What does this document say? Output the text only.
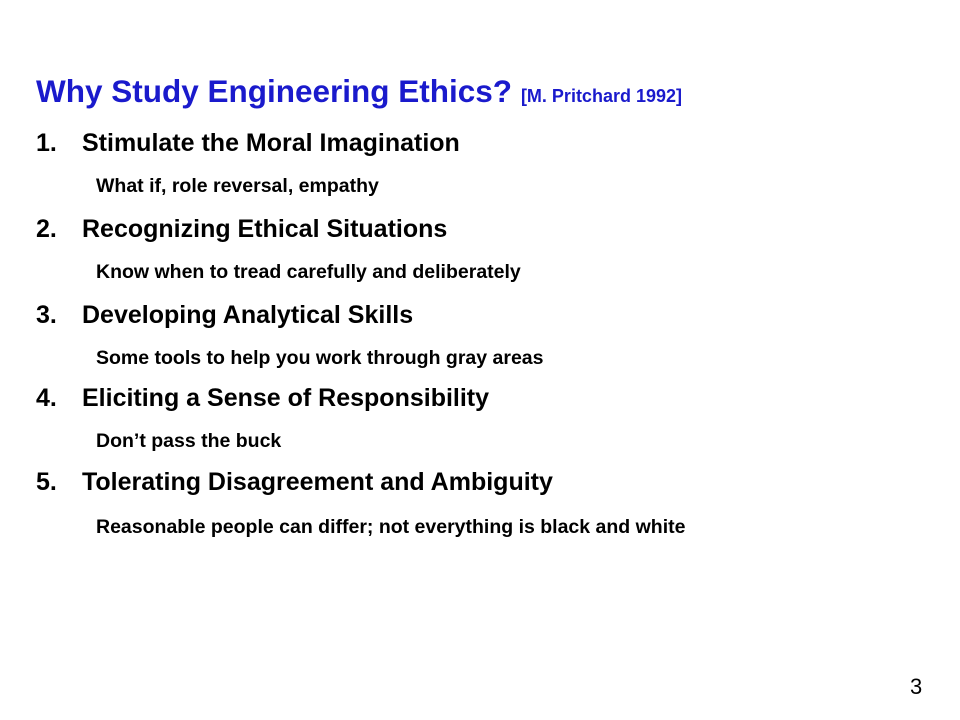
Why Study Engineering Ethics? [M. Pritchard 1992]

1. Stimulate the Moral Imagination

What if, role reversal, empathy

2. Recognizing Ethical Situations

Know when to tread carefully and deliberately

3. Developing Analytical Skills

Some tools to help you work through gray areas

4. Eliciting a Sense of Responsibility

Don’t pass the buck

5. Tolerating Disagreement and Ambiguity

Reasonable people can differ; not everything is black and white

3
